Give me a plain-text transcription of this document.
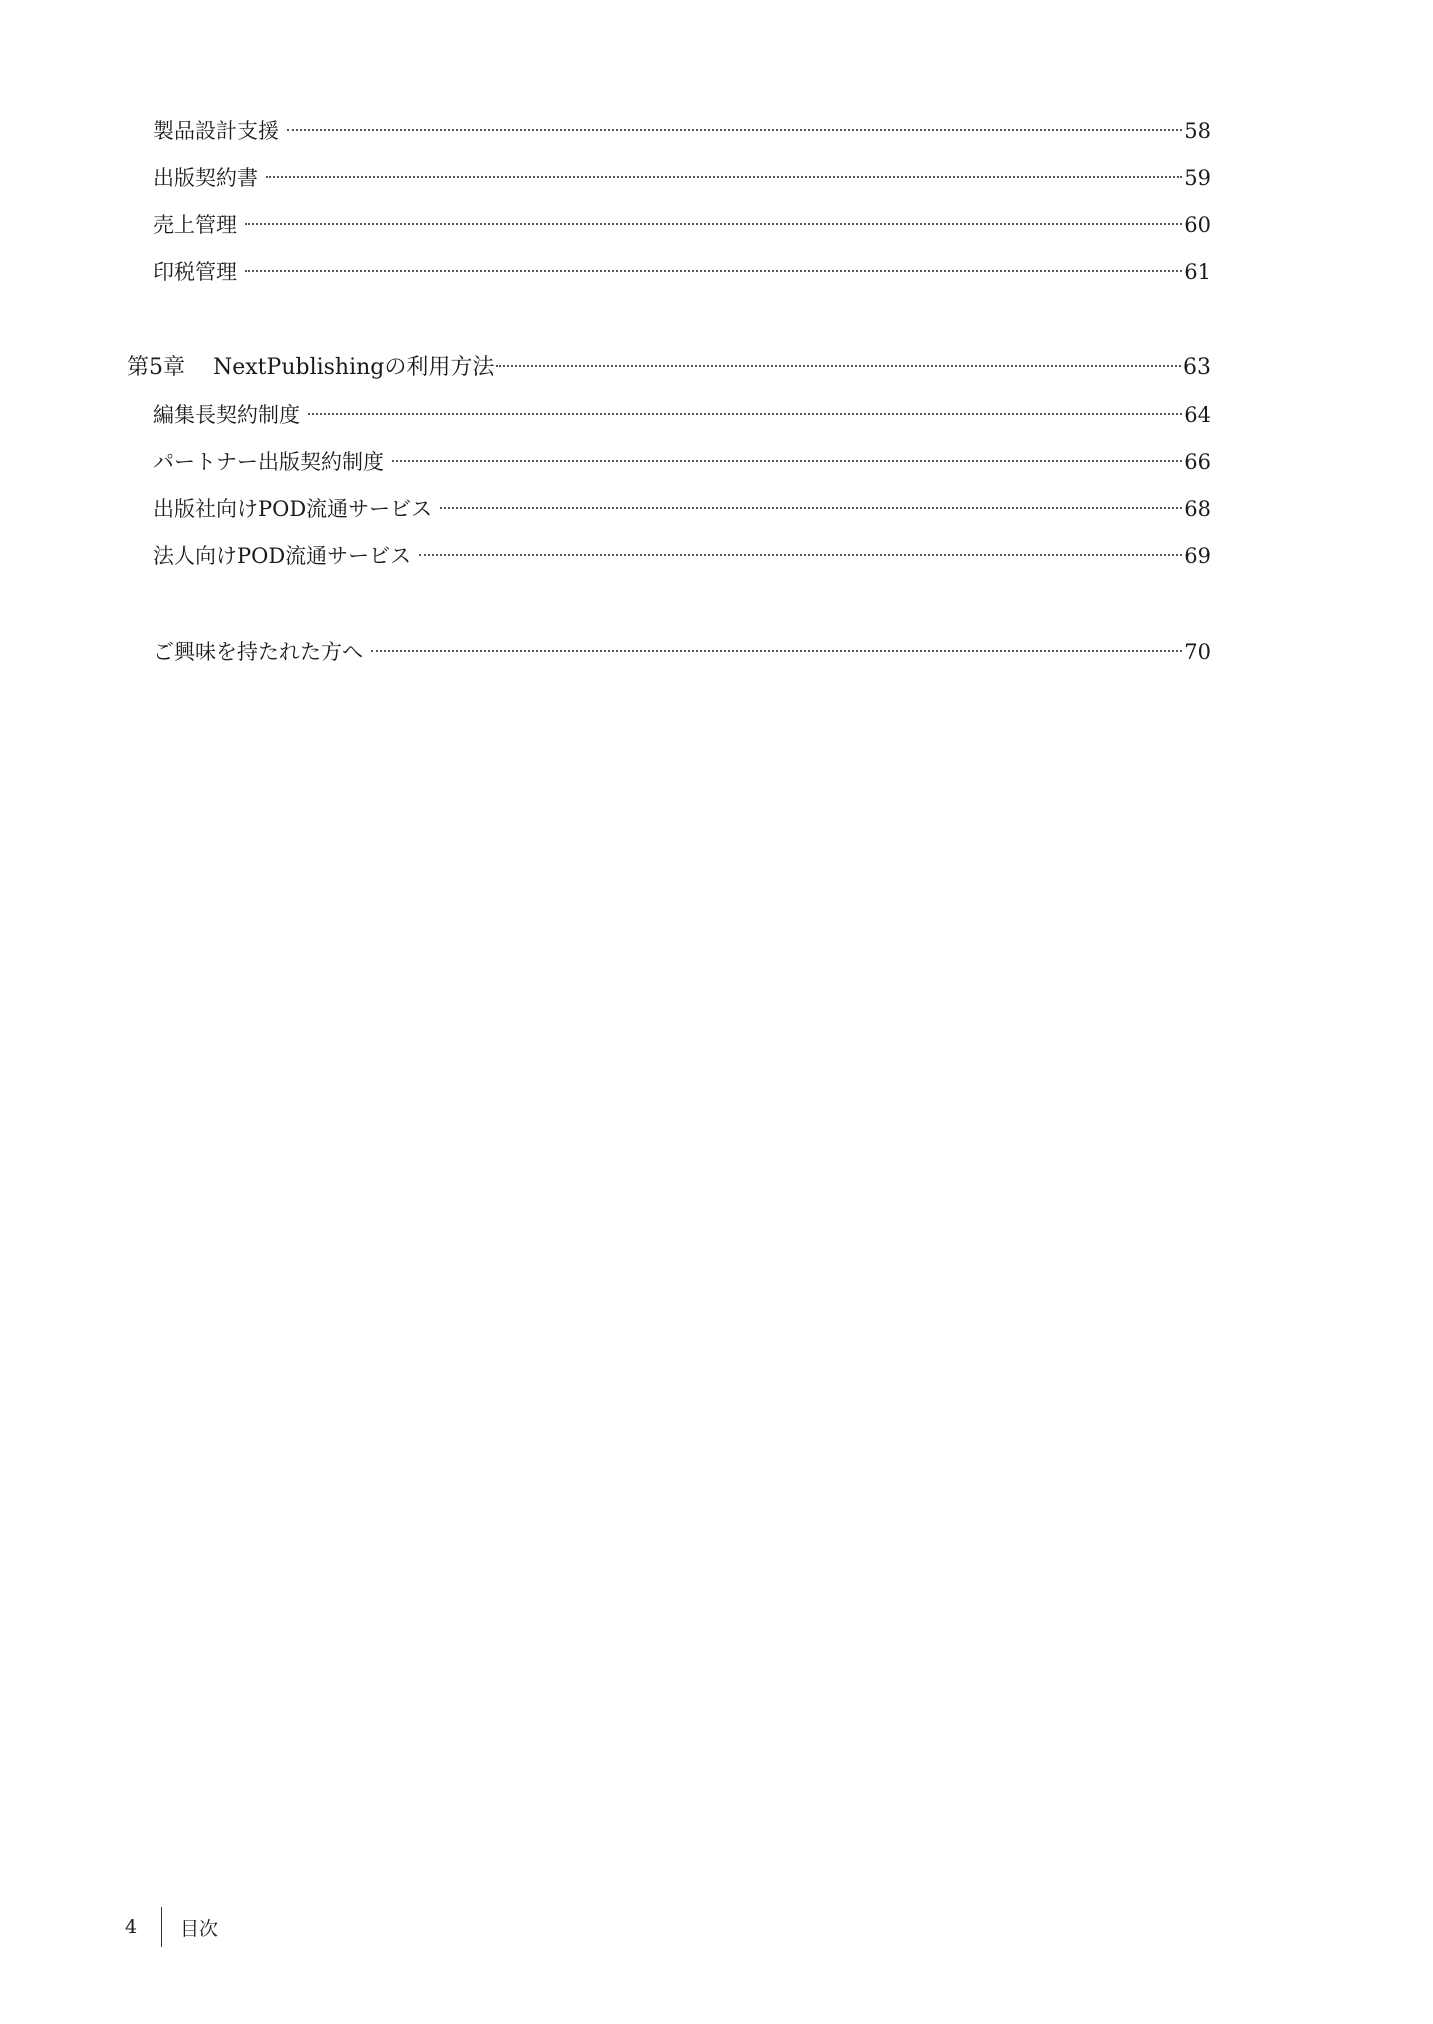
製品設計支援	58
出版契約書	59
売上管理	60
印税管理	61
第5章 NextPublishingの利用方法	63
編集長契約制度	64
パートナー出版契約制度	66
出版社向けPOD流通サービス	68
法人向けPOD流通サービス	69
ご興味を持たれた方へ	70
4	目次
